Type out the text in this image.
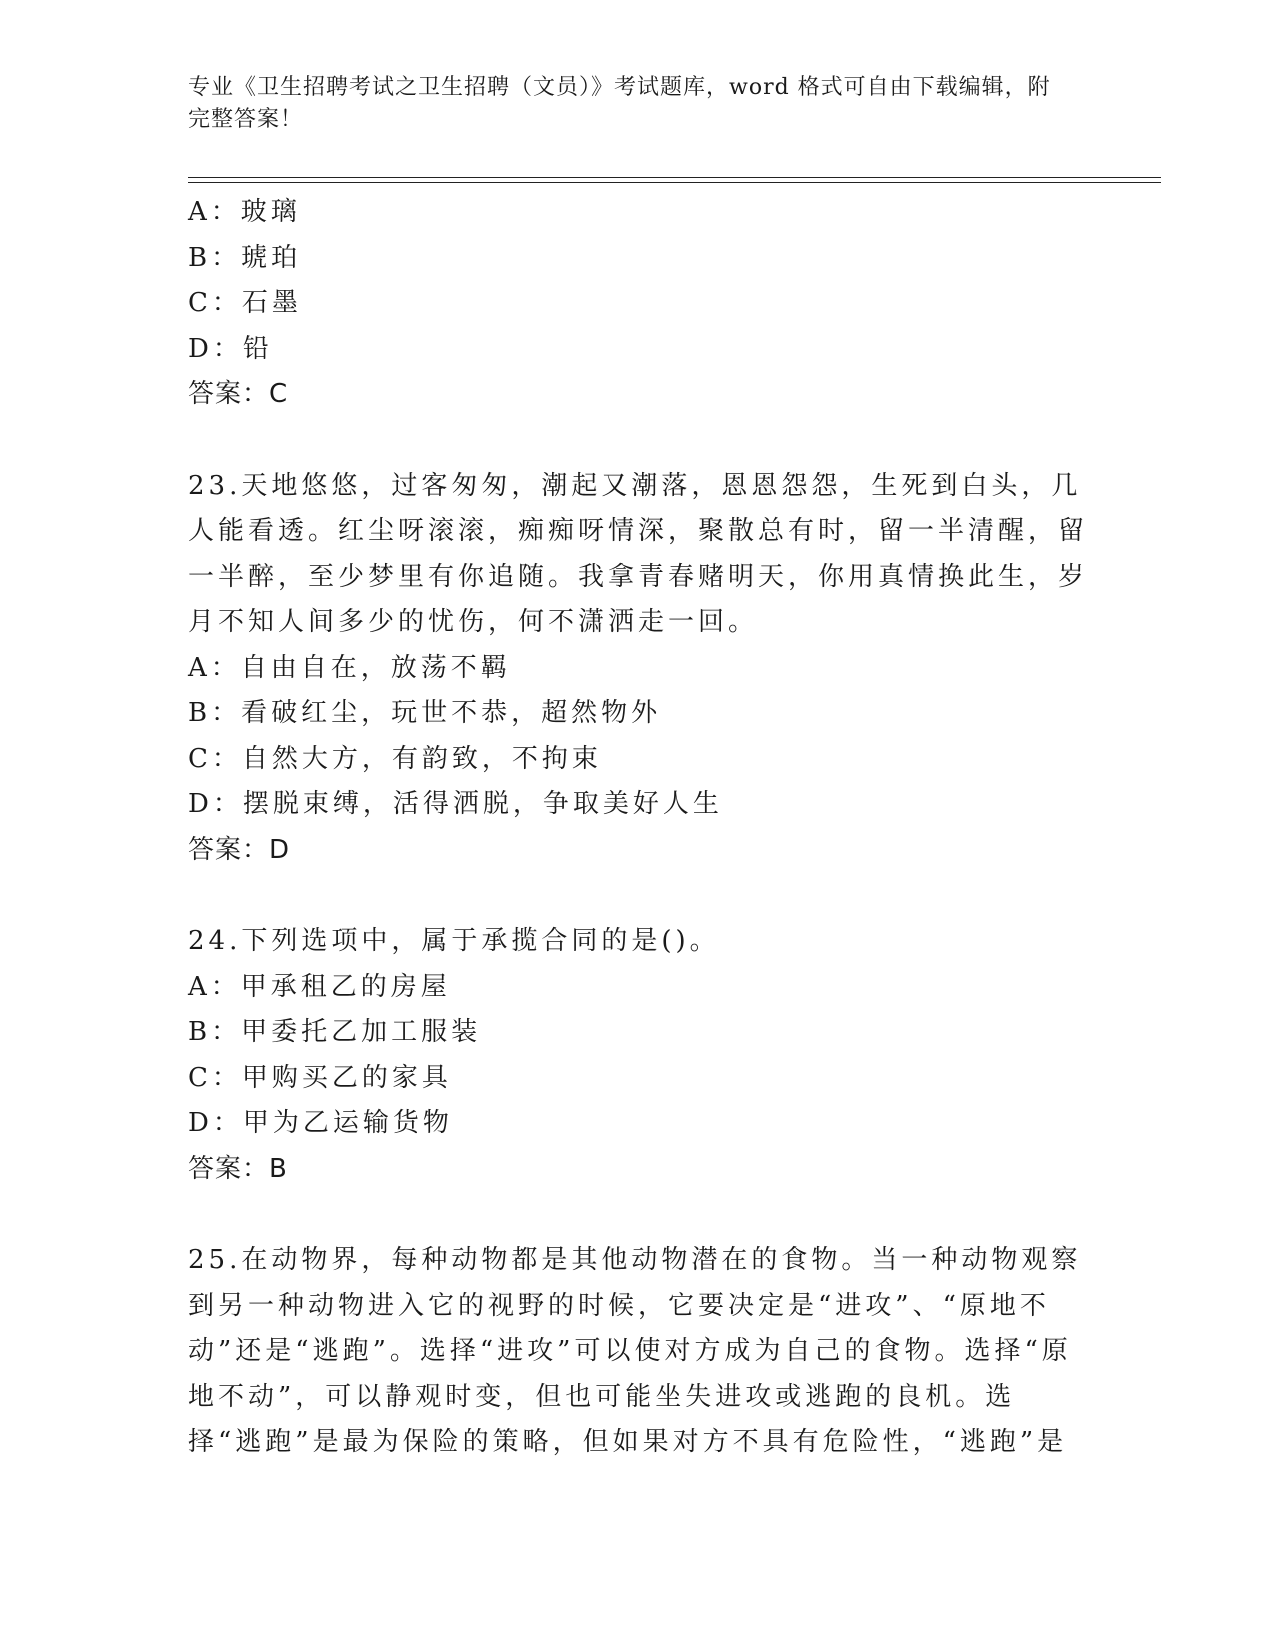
专业《卫生招聘考试之卫生招聘（文员）》考试题库，word 格式可自由下载编辑，附完整答案！
A：玻璃
B：琥珀
C：石墨
D：铅
答案：C
23.天地悠悠，过客匆匆，潮起又潮落，恩恩怨怨，生死到白头，几人能看透。红尘呀滚滚，痴痴呀情深，聚散总有时，留一半清醒，留一半醉，至少梦里有你追随。我拿青春赌明天，你用真情换此生，岁月不知人间多少的忧伤，何不潇洒走一回。
A：自由自在，放荡不羁
B：看破红尘，玩世不恭，超然物外
C：自然大方，有韵致，不拘束
D：摆脱束缚，活得洒脱，争取美好人生
答案：D
24.下列选项中，属于承揽合同的是()。
A：甲承租乙的房屋
B：甲委托乙加工服装
C：甲购买乙的家具
D：甲为乙运输货物
答案：B
25.在动物界，每种动物都是其他动物潜在的食物。当一种动物观察到另一种动物进入它的视野的时候，它要决定是“进攻”、“原地不动”还是“逃跑”。选择“进攻”可以使对方成为自己的食物。选择“原地不动”，可以静观时变，但也可能坐失进攻或逃跑的良机。选择“逃跑”是最为保险的策略，但如果对方不具有危险性，“逃跑”是
